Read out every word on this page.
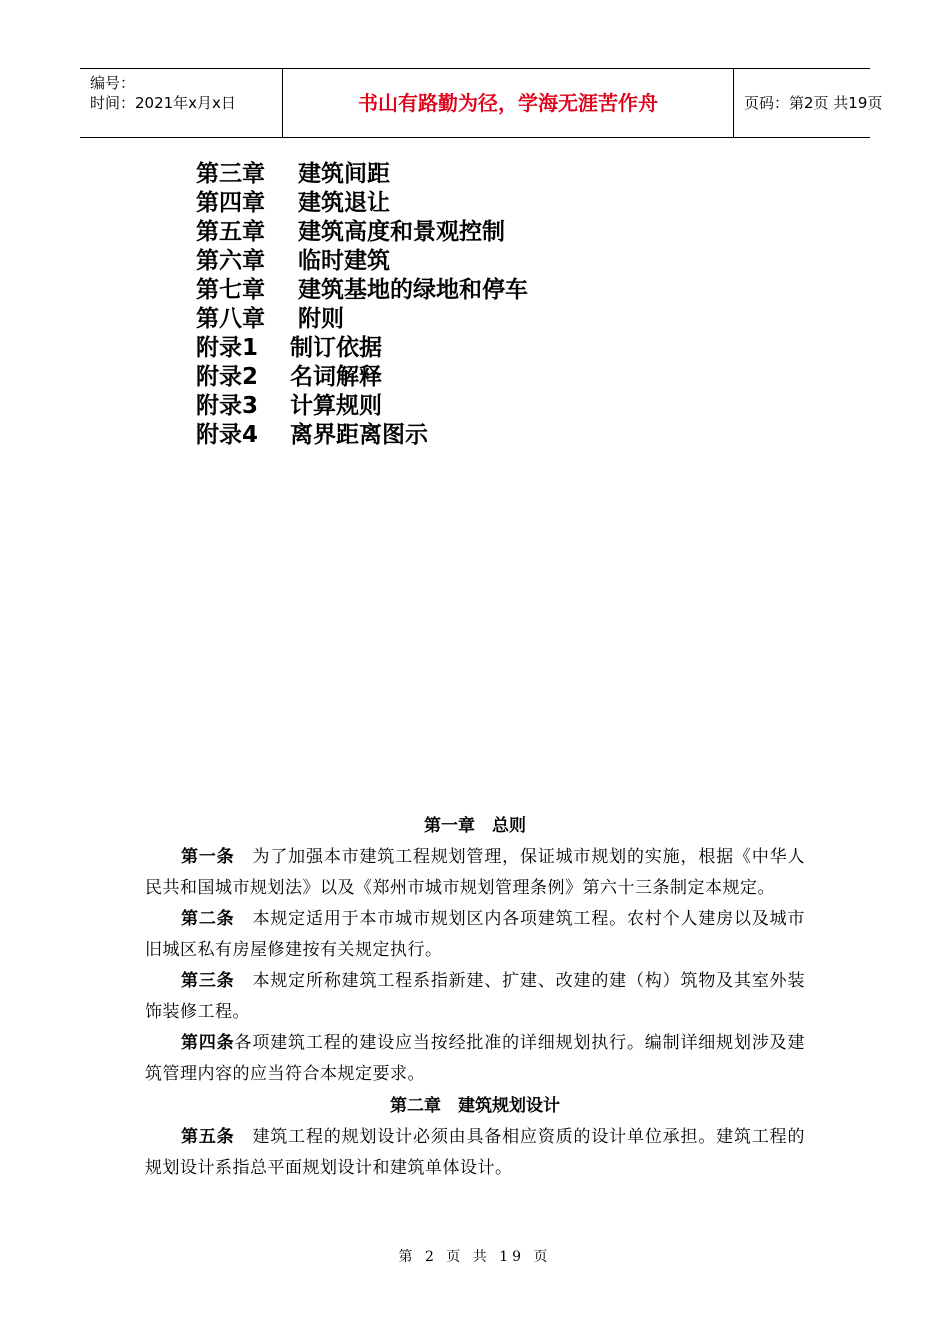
编号：
时间：2021年x月x日	书山有路勤为径，学海无涯苦作舟	页码：第2页 共19页
第三章 建筑间距
第四章 建筑退让
第五章 建筑高度和景观控制
第六章 临时建筑
第七章 建筑基地的绿地和停车
第八章 附则
附录1 制订依据
附录2 名词解释
附录3 计算规则
附录4 离界距离图示
第一章　总则

第一条 为了加强本市建筑工程规划管理，保证城市规划的实施，根据《中华人民共和国城市规划法》以及《郑州市城市规划管理条例》第六十三条制定本规定。

第二条 本规定适用于本市城市规划区内各项建筑工程。农村个人建房以及城市旧城区私有房屋修建按有关规定执行。

第三条 本规定所称建筑工程系指新建、扩建、改建的建（构）筑物及其室外装饰装修工程。

第四条各项建筑工程的建设应当按经批准的详细规划执行。编制详细规划涉及建筑管理内容的应当符合本规定要求。

第二章　建筑规划设计

第五条 建筑工程的规划设计必须由具备相应资质的设计单位承担。建筑工程的规划设计系指总平面规划设计和建筑单体设计。

第 2 页 共 19 页
